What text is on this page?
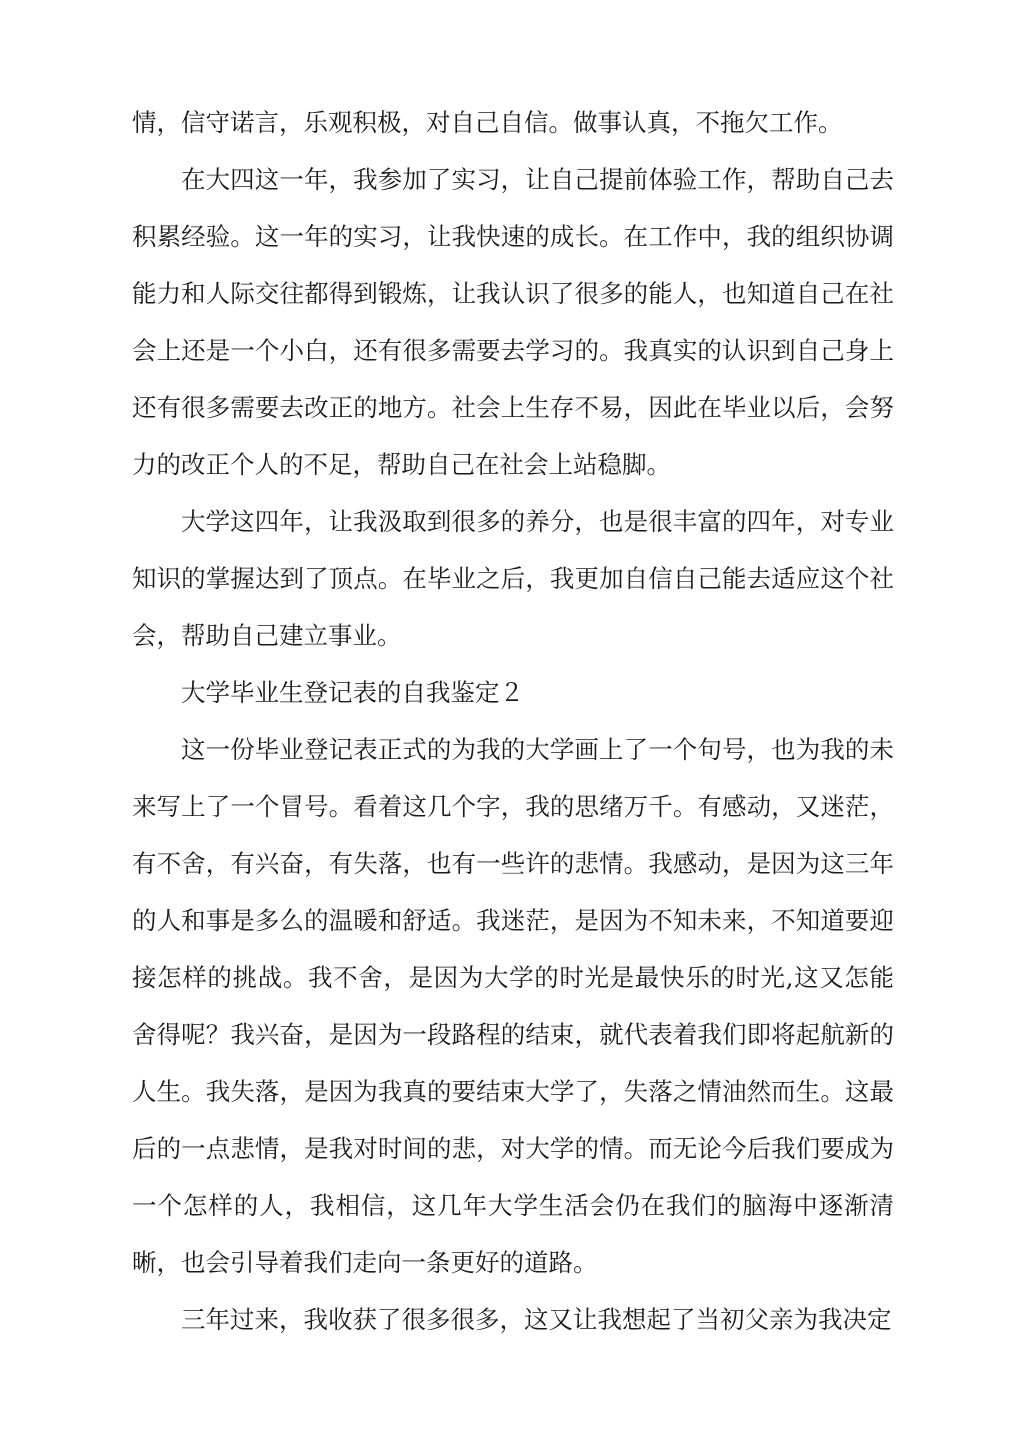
情，信守诺言，乐观积极，对自己自信。做事认真，不拖欠工作。

在大四这一年，我参加了实习，让自己提前体验工作，帮助自己去积累经验。这一年的实习，让我快速的成长。在工作中，我的组织协调能力和人际交往都得到锻炼，让我认识了很多的能人，也知道自己在社会上还是一个小白，还有很多需要去学习的。我真实的认识到自己身上还有很多需要去改正的地方。社会上生存不易，因此在毕业以后，会努力的改正个人的不足，帮助自己在社会上站稳脚。

大学这四年，让我汲取到很多的养分，也是很丰富的四年，对专业知识的掌握达到了顶点。在毕业之后，我更加自信自己能去适应这个社会，帮助自己建立事业。

大学毕业生登记表的自我鉴定２

这一份毕业登记表正式的为我的大学画上了一个句号，也为我的未来写上了一个冒号。看着这几个字，我的思绪万千。有感动，又迷茫，有不舍，有兴奋，有失落，也有一些许的悲情。我感动，是因为这三年的人和事是多么的温暖和舒适。我迷茫，是因为不知未来，不知道要迎接怎样的挑战。我不舍，是因为大学的时光是最快乐的时光,这又怎能舍得呢？我兴奋，是因为一段路程的结束，就代表着我们即将起航新的人生。我失落，是因为我真的要结束大学了，失落之情油然而生。这最后的一点悲情，是我对时间的悲，对大学的情。而无论今后我们要成为一个怎样的人，我相信，这几年大学生活会仍在我们的脑海中逐渐清晰，也会引导着我们走向一条更好的道路。

三年过来，我收获了很多很多，这又让我想起了当初父亲为我决定
